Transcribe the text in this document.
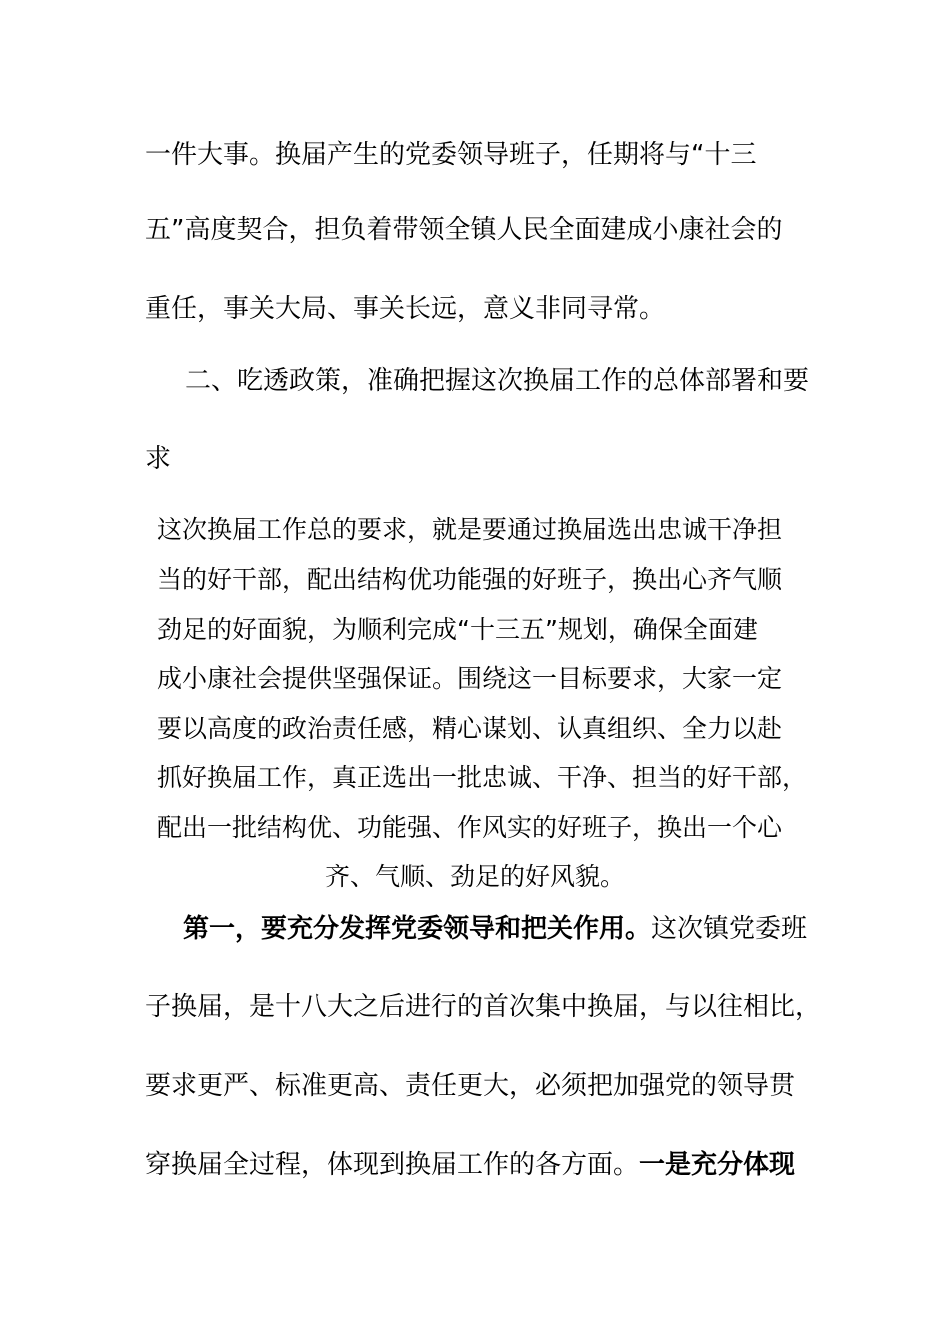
一件大事。换届产生的党委领导班子，任期将与“十三
五”高度契合，担负着带领全镇人民全面建成小康社会的
重任，事关大局、事关长远，意义非同寻常。
二、吃透政策，准确把握这次换届工作的总体部署和要
求
这次换届工作总的要求，就是要通过换届选出忠诚干净担
当的好干部，配出结构优功能强的好班子，换出心齐气顺
劲足的好面貌，为顺利完成“十三五”规划，确保全面建
成小康社会提供坚强保证。围绕这一目标要求，大家一定
要以高度的政治责任感，精心谋划、认真组织、全力以赴
抓好换届工作，真正选出一批忠诚、干净、担当的好干部，
配出一批结构优、功能强、作风实的好班子，换出一个心
齐、气顺、劲足的好风貌。
第一，要充分发挥党委领导和把关作用。这次镇党委班
子换届，是十八大之后进行的首次集中换届，与以往相比，
要求更严、标准更高、责任更大，必须把加强党的领导贯
穿换届全过程，体现到换届工作的各方面。一是充分体现
